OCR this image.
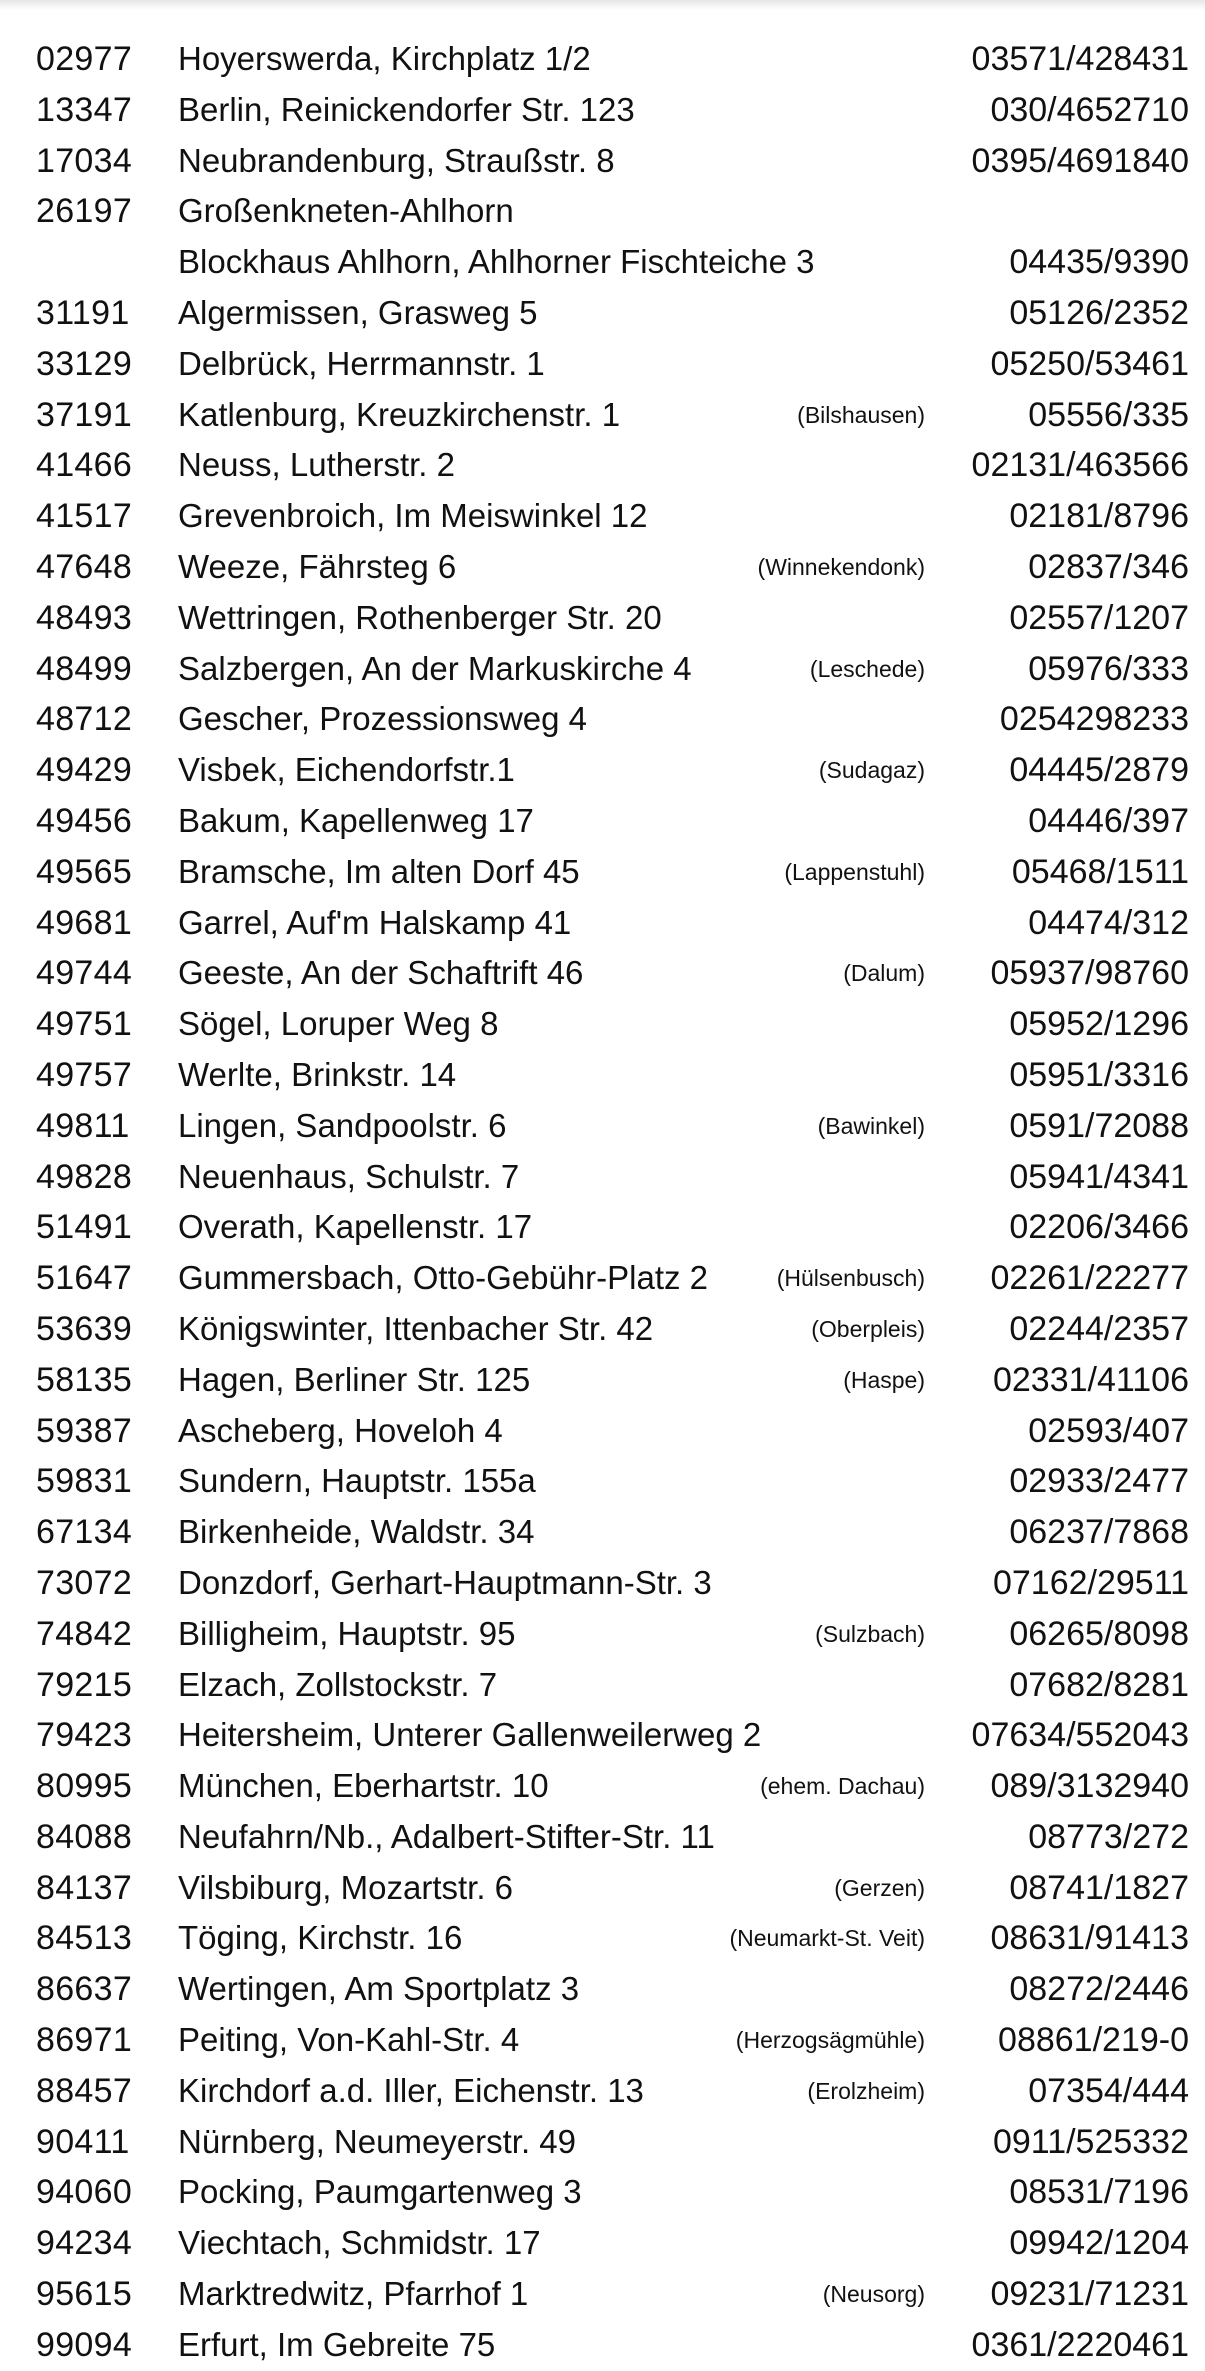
02977 Hoyerswerda, Kirchplatz 1/2	03571/428431
13347 Berlin, Reinickendorfer Str. 123	030/4652710
17034 Neubrandenburg, Straußstr. 8	0395/4691840
26197 Großenkneten-Ahlhorn
Blockhaus Ahlhorn, Ahlhorner Fischteiche 3	04435/9390
31191 Algermissen, Grasweg 5	05126/2352
33129 Delbrück, Herrmannstr. 1	05250/53461
37191 Katlenburg, Kreuzkirchenstr. 1	(Bilshausen)	05556/335
41466 Neuss, Lutherstr. 2	02131/463566
41517 Grevenbroich, Im Meiswinkel 12	02181/8796
47648 Weeze, Fährsteg 6	(Winnekendonk)	02837/346
48493 Wettringen, Rothenberger Str. 20	02557/1207
48499 Salzbergen, An der Markuskirche 4	(Leschede)	05976/333
48712 Gescher, Prozessionsweg 4	0254298233
49429 Visbek, Eichendorfstr.1	(Sudagaz) 04445/2879
49456 Bakum, Kapellenweg 17	04446/397
49565 Bramsche, Im alten Dorf 45	(Lappenstuhl)	05468/1511
49681 Garrel, Auf'm Halskamp 41	04474/312
49744 Geeste, An der Schaftrift 46	(Dalum) 05937/98760
49751 Sögel, Loruper Weg 8	05952/1296
49757 Werlte, Brinkstr. 14	05951/3316
49811 Lingen, Sandpoolstr. 6	(Bawinkel) 0591/72088
49828 Neuenhaus, Schulstr. 7	05941/4341
51491 Overath, Kapellenstr. 17	02206/3466
51647 Gummersbach, Otto-Gebühr-Platz 2	(Hülsenbusch) 02261/22277
53639 Königswinter, Ittenbacher Str. 42	(Oberpleis) 02244/2357
58135 Hagen, Berliner Str. 125	(Haspe) 02331/41106
59387 Ascheberg, Hoveloh 4	02593/407
59831 Sundern, Hauptstr. 155a	02933/2477
67134 Birkenheide, Waldstr. 34	06237/7868
73072 Donzdorf, Gerhart-Hauptmann-Str. 3	07162/29511
74842 Billigheim, Hauptstr. 95	(Sulzbach) 06265/8098
79215 Elzach, Zollstockstr. 7	07682/8281
79423 Heitersheim, Unterer Gallenweilerweg 2	07634/552043
80995 München, Eberhartstr. 10	(ehem. Dachau) 089/3132940
84088 Neufahrn/Nb., Adalbert-Stifter-Str. 11	08773/272
84137 Vilsbiburg, Mozartstr. 6	(Gerzen) 08741/1827
84513 Töging, Kirchstr. 16	(Neumarkt-St. Veit) 08631/91413
86637 Wertingen, Am Sportplatz 3	08272/2446
86971 Peiting, Von-Kahl-Str. 4	(Herzogsägmühle) 08861/219-0
88457 Kirchdorf a.d. Iller, Eichenstr. 13	(Erolzheim)	07354/444
90411 Nürnberg, Neumeyerstr. 49	0911/525332
94060 Pocking, Paumgartenweg 3	08531/7196
94234 Viechtach, Schmidstr. 17	09942/1204
95615 Marktredwitz, Pfarrhof 1	(Neusorg) 09231/71231
99094 Erfurt, Im Gebreite 75	0361/2220461
